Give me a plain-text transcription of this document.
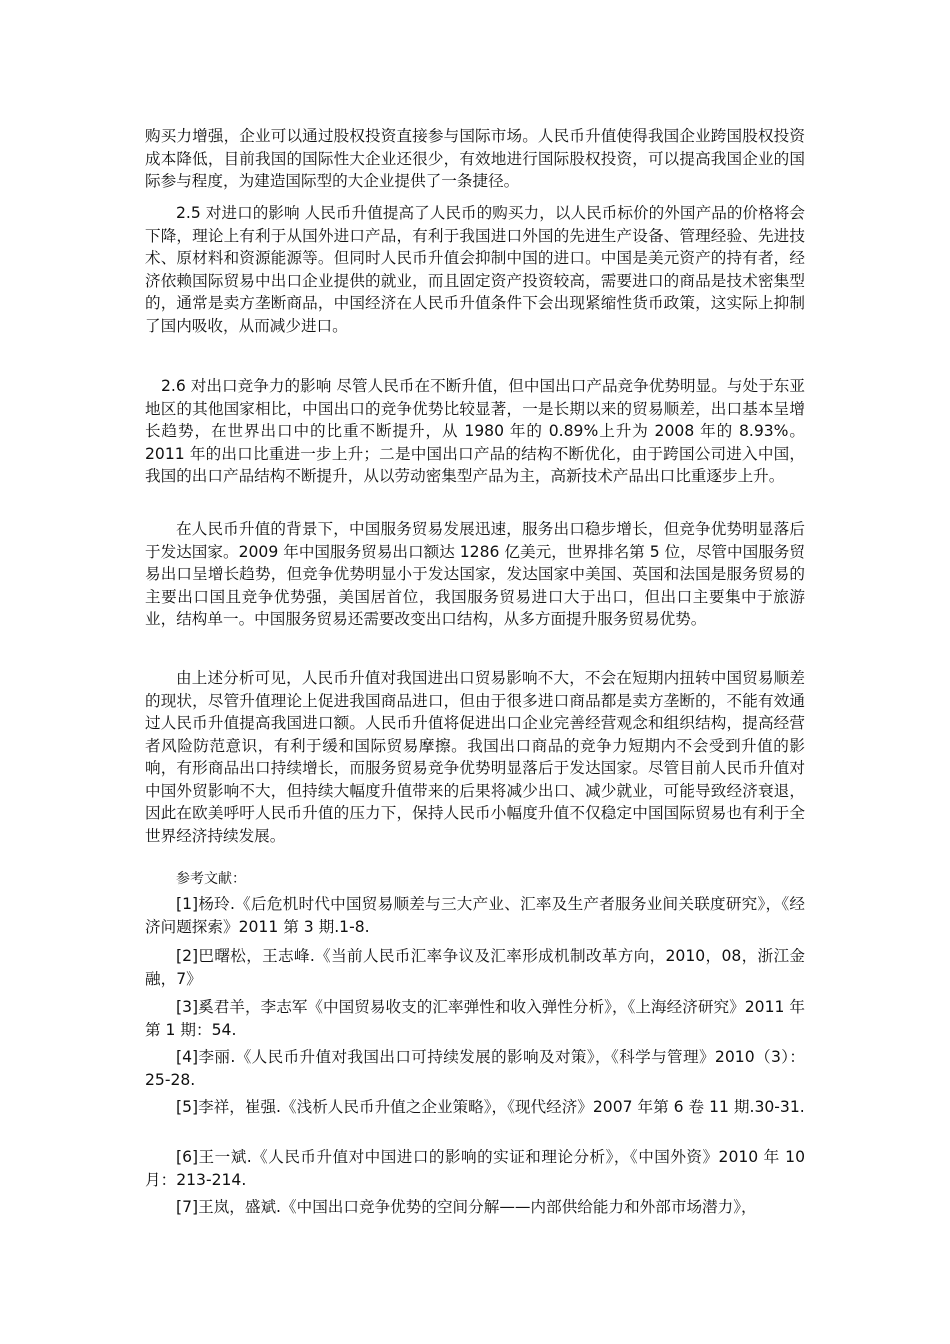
购买力增强，企业可以通过股权投资直接参与国际市场。人民币升值使得我国企业跨国股权投资成本降低，目前我国的国际性大企业还很少，有效地进行国际股权投资，可以提高我国企业的国际参与程度，为建造国际型的大企业提供了一条捷径。

2.5 对进口的影响 人民币升值提高了人民币的购买力，以人民币标价的外国产品的价格将会下降，理论上有利于从国外进口产品，有利于我国进口外国的先进生产设备、管理经验、先进技术、原材料和资源能源等。但同时人民币升值会抑制中国的进口。中国是美元资产的持有者，经济依赖国际贸易中出口企业提供的就业，而且固定资产投资较高，需要进口的商品是技术密集型的，通常是卖方垄断商品，中国经济在人民币升值条件下会出现紧缩性货币政策，这实际上抑制了国内吸收，从而减少进口。

2.6 对出口竞争力的影响 尽管人民币在不断升值，但中国出口产品竞争优势明显。与处于东亚地区的其他国家相比，中国出口的竞争优势比较显著，一是长期以来的贸易顺差，出口基本呈增长趋势，在世界出口中的比重不断提升，从 1980 年的 0.89%上升为 2008 年的 8.93%。2011 年的出口比重进一步上升；二是中国出口产品的结构不断优化，由于跨国公司进入中国，我国的出口产品结构不断提升，从以劳动密集型产品为主，高新技术产品出口比重逐步上升。

在人民币升值的背景下，中国服务贸易发展迅速，服务出口稳步增长，但竞争优势明显落后于发达国家。2009 年中国服务贸易出口额达 1286 亿美元，世界排名第 5 位，尽管中国服务贸易出口呈增长趋势，但竞争优势明显小于发达国家，发达国家中美国、英国和法国是服务贸易的主要出口国且竞争优势强，美国居首位，我国服务贸易进口大于出口，但出口主要集中于旅游业，结构单一。中国服务贸易还需要改变出口结构，从多方面提升服务贸易优势。

由上述分析可见，人民币升值对我国进出口贸易影响不大，不会在短期内扭转中国贸易顺差的现状，尽管升值理论上促进我国商品进口，但由于很多进口商品都是卖方垄断的，不能有效通过人民币升值提高我国进口额。人民币升值将促进出口企业完善经营观念和组织结构，提高经营者风险防范意识，有利于缓和国际贸易摩擦。我国出口商品的竞争力短期内不会受到升值的影响，有形商品出口持续增长，而服务贸易竞争优势明显落后于发达国家。尽管目前人民币升值对中国外贸影响不大，但持续大幅度升值带来的后果将减少出口、减少就业，可能导致经济衰退，因此在欧美呼吁人民币升值的压力下，保持人民币小幅度升值不仅稳定中国国际贸易也有利于全世界经济持续发展。

参考文献：

[1]杨玲.《后危机时代中国贸易顺差与三大产业、汇率及生产者服务业间关联度研究》，《经济问题探索》2011 第 3 期.1-8.

[2]巴曙松，王志峰.《当前人民币汇率争议及汇率形成机制改革方向，2010，08，浙江金融，7》

[3]奚君羊，李志军《中国贸易收支的汇率弹性和收入弹性分析》，《上海经济研究》2011 年第 1 期：54.

[4]李丽.《人民币升值对我国出口可持续发展的影响及对策》，《科学与管理》2010（3）：25-28.

[5]李祥，崔强.《浅析人民币升值之企业策略》，《现代经济》2007 年第 6 卷 11 期.30-31.

[6]王一斌.《人民币升值对中国进口的影响的实证和理论分析》，《中国外资》2010 年 10 月：213-214.

[7]王岚，盛斌.《中国出口竞争优势的空间分解——内部供给能力和外部市场潜力》，
